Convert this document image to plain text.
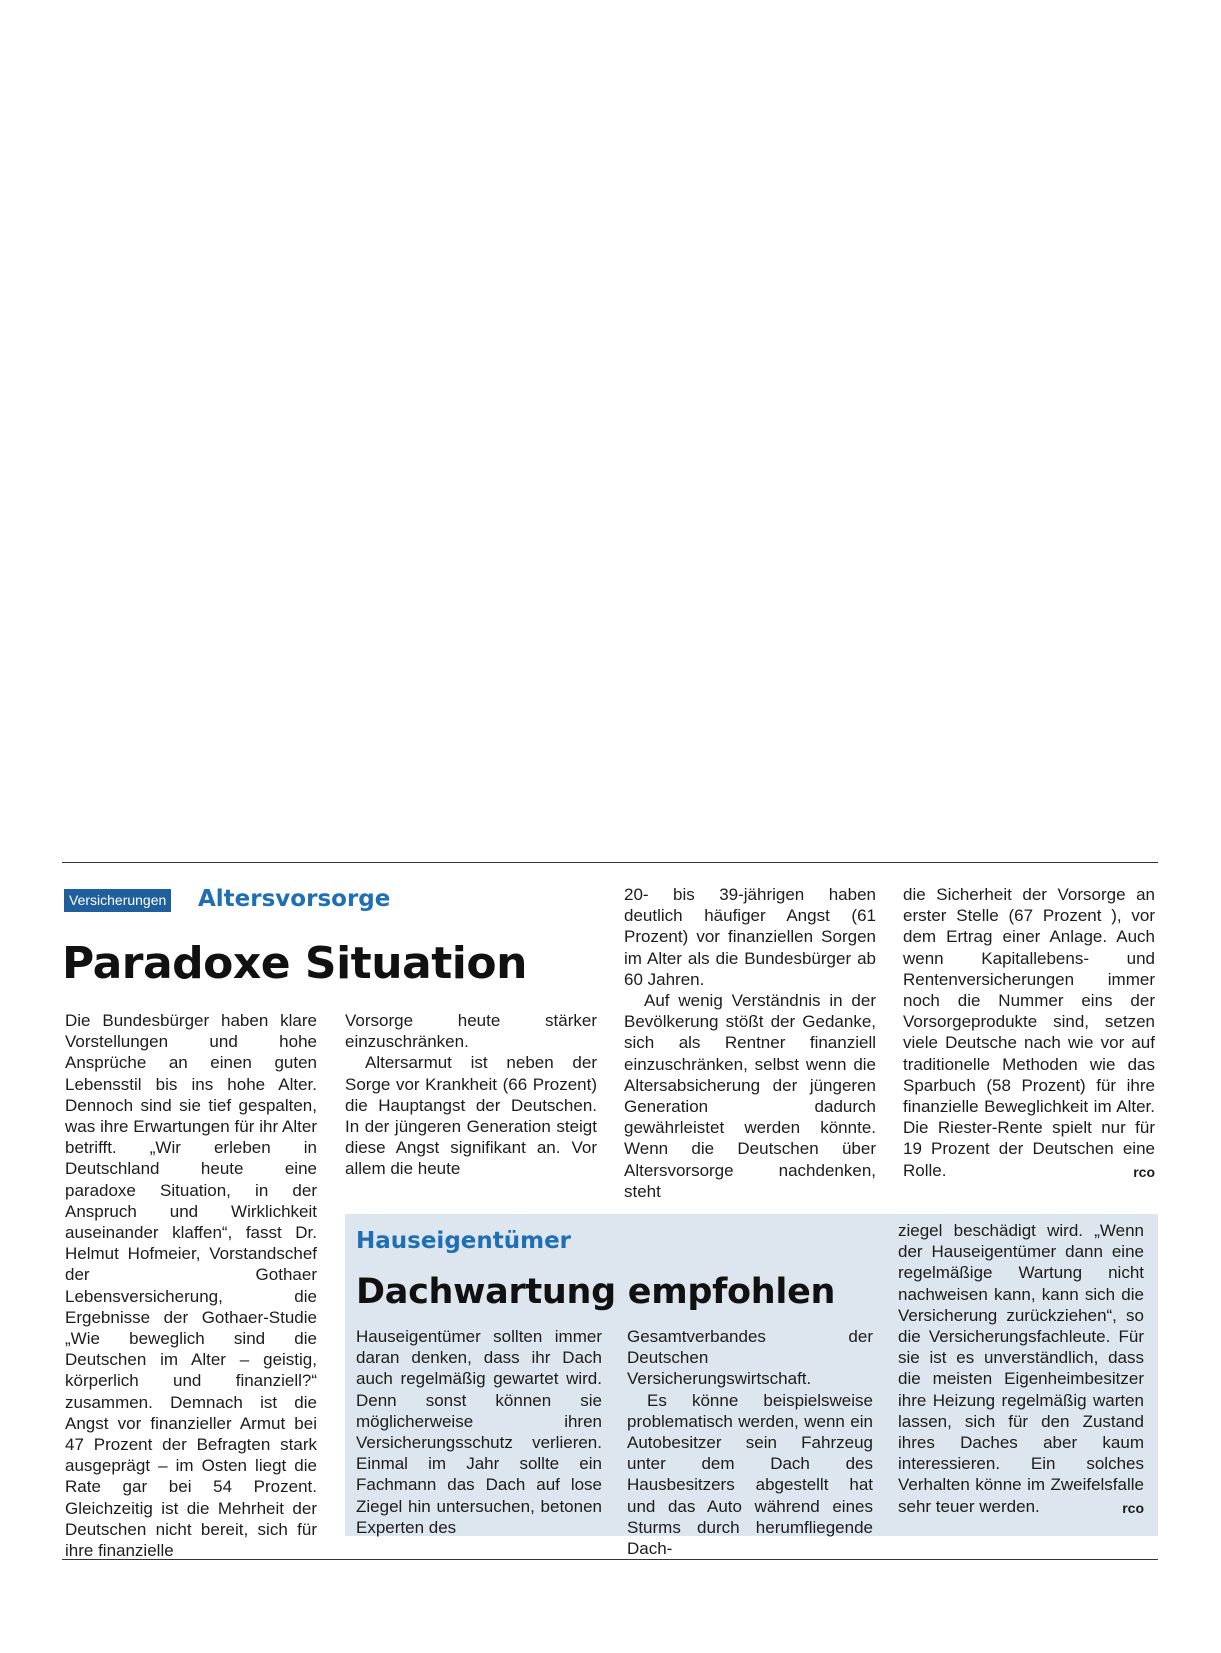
Versicherungen Altersvorsorge
Paradoxe Situation

Die Bundesbürger haben klare Vorstellungen und hohe Ansprüche an einen guten Lebensstil bis ins hohe Alter. Dennoch sind sie tief gespalten, was ihre Erwartungen für ihr Alter betrifft. „Wir erleben in Deutschland heute eine paradoxe Situation, in der Anspruch und Wirklichkeit auseinander klaffen“, fasst Dr. Helmut Hofmeier, Vorstandschef der Gothaer Lebensversicherung, die Ergebnisse der Gothaer-Studie „Wie beweglich sind die Deutschen im Alter – geistig, körperlich und finanziell?“ zusammen. Demnach ist die Angst vor finanzieller Armut bei 47 Prozent der Befragten stark ausgeprägt – im Osten liegt die Rate gar bei 54 Prozent. Gleichzeitig ist die Mehrheit der Deutschen nicht bereit, sich für ihre finanzielle

Vorsorge heute stärker einzuschränken.

Altersarmut ist neben der Sorge vor Krankheit (66 Prozent) die Hauptangst der Deutschen. In der jüngeren Generation steigt diese Angst signifikant an. Vor allem die heute

20- bis 39-jährigen haben deutlich häufiger Angst (61 Prozent) vor finanziellen Sorgen im Alter als die Bundesbürger ab 60 Jahren.

Auf wenig Verständnis in der Bevölkerung stößt der Gedanke, sich als Rentner finanziell einzuschränken, selbst wenn die Altersabsicherung der jüngeren Generation dadurch gewährleistet werden könnte. Wenn die Deutschen über Altersvorsorge nachdenken, steht

die Sicherheit der Vorsorge an erster Stelle (67 Prozent ), vor dem Ertrag einer Anlage. Auch wenn Kapitallebens- und Rentenversicherungen immer noch die Nummer eins der Vorsorgeprodukte sind, setzen viele Deutsche nach wie vor auf traditionelle Methoden wie das Sparbuch (58 Prozent) für ihre finanzielle Beweglichkeit im Alter. Die Riester-Rente spielt nur für 19 Prozent der Deutschen eine Rolle.	rco

Hauseigentümer
Dachwartung empfohlen

Hauseigentümer sollten immer daran denken, dass ihr Dach auch regelmäßig gewartet wird. Denn sonst können sie möglicherweise ihren Versicherungsschutz verlieren. Einmal im Jahr sollte ein Fachmann das Dach auf lose Ziegel hin untersuchen, betonen Experten des

Gesamtverbandes der Deutschen Versicherungswirtschaft.

Es könne beispielsweise problematisch werden, wenn ein Autobesitzer sein Fahrzeug unter dem Dach des Hausbesitzers abgestellt hat und das Auto während eines Sturms durch herumfliegende Dach-

ziegel beschädigt wird. „Wenn der Hauseigentümer dann eine regelmäßige Wartung nicht nachweisen kann, kann sich die Versicherung zurückziehen“, so die Versicherungsfachleute. Für sie ist es unverständlich, dass die meisten Eigenheimbesitzer ihre Heizung regelmäßig warten lassen, sich für den Zustand ihres Daches aber kaum interessieren. Ein solches Verhalten könne im Zweifelsfalle sehr teuer werden.	rco
